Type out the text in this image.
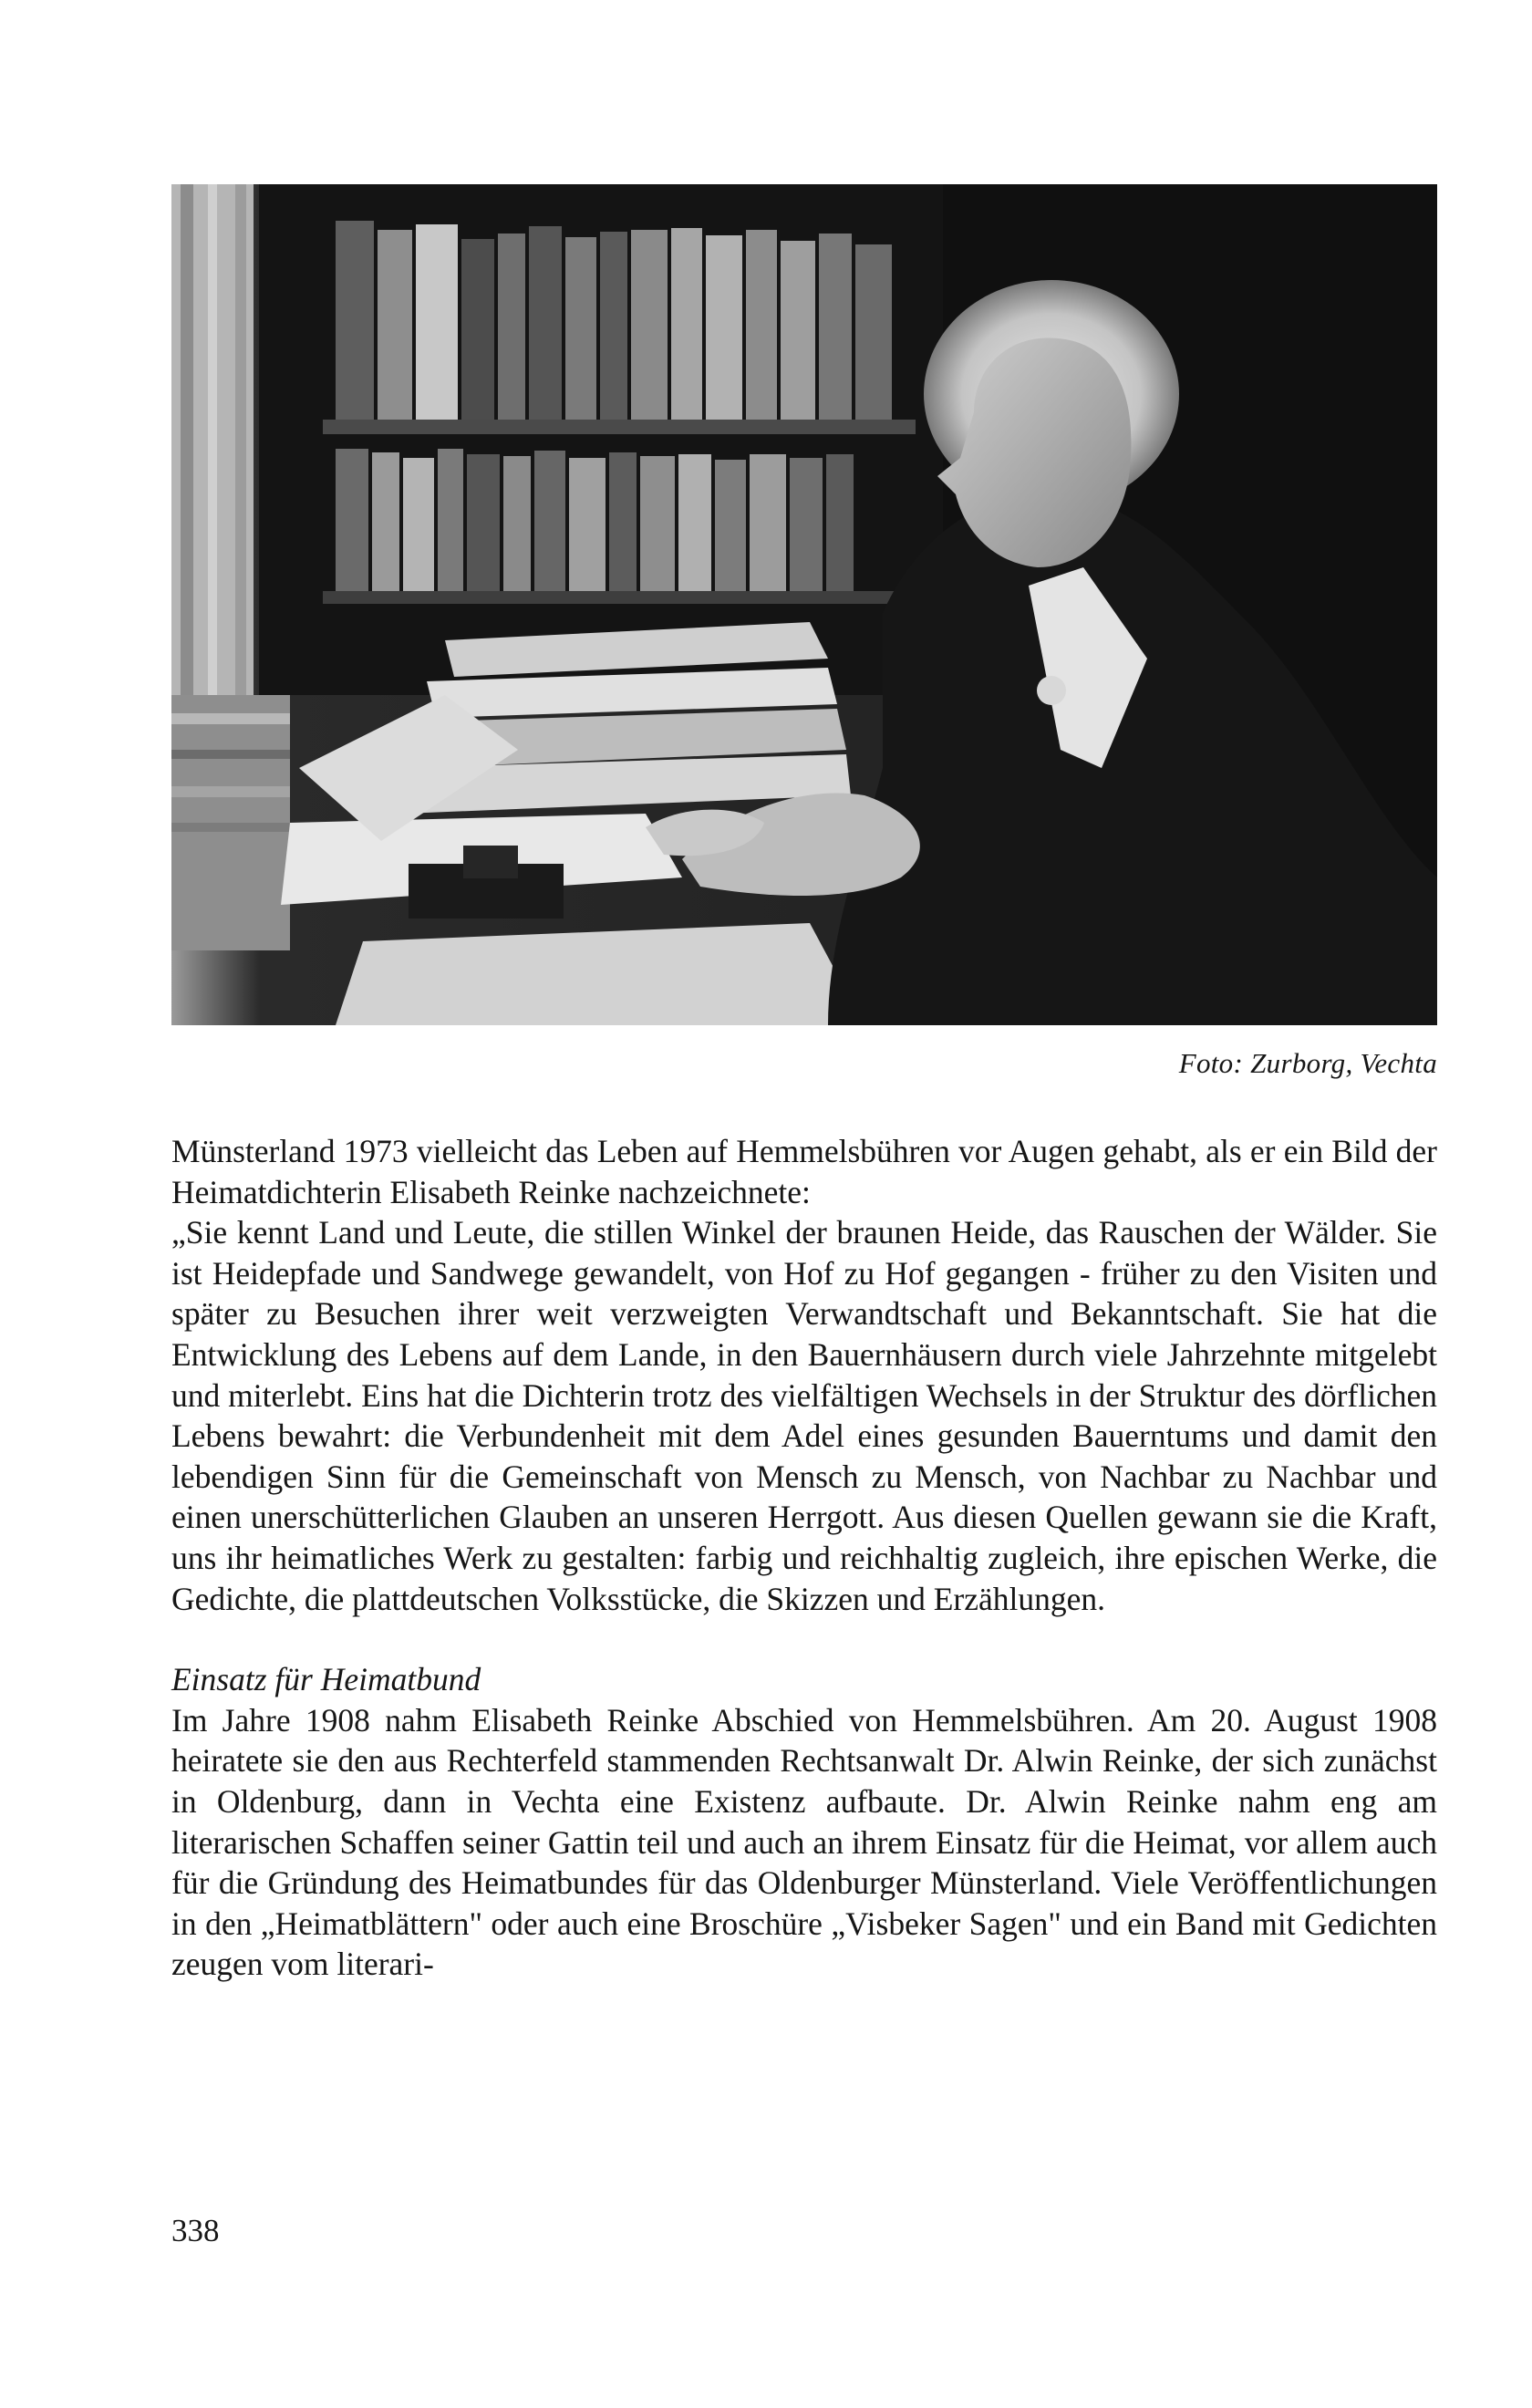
Foto: Zurborg, Vechta

Münsterland 1973 vielleicht das Leben auf Hemmelsbühren vor Augen gehabt, als er ein Bild der Heimatdichterin Elisabeth Reinke nachzeichnete:

„Sie kennt Land und Leute, die stillen Winkel der braunen Heide, das Rauschen der Wälder. Sie ist Heidepfade und Sandwege gewandelt, von Hof zu Hof gegangen - früher zu den Visiten und später zu Besuchen ihrer weit verzweigten Verwandtschaft und Bekanntschaft. Sie hat die Entwicklung des Lebens auf dem Lande, in den Bauernhäusern durch viele Jahrzehnte mitgelebt und miterlebt. Eins hat die Dichterin trotz des vielfältigen Wechsels in der Struktur des dörflichen Lebens bewahrt: die Verbundenheit mit dem Adel eines gesunden Bauerntums und damit den lebendigen Sinn für die Gemeinschaft von Mensch zu Mensch, von Nachbar zu Nachbar und einen unerschütterlichen Glauben an unseren Herrgott. Aus diesen Quellen gewann sie die Kraft, uns ihr heimatliches Werk zu gestalten: farbig und reichhaltig zugleich, ihre epischen Werke, die Gedichte, die plattdeutschen Volksstücke, die Skizzen und Erzählungen.

Einsatz für Heimatbund

Im Jahre 1908 nahm Elisabeth Reinke Abschied von Hemmelsbühren. Am 20. August 1908 heiratete sie den aus Rechterfeld stammenden Rechtsanwalt Dr. Alwin Reinke, der sich zunächst in Oldenburg, dann in Vechta eine Existenz aufbaute. Dr. Alwin Reinke nahm eng am literarischen Schaffen seiner Gattin teil und auch an ihrem Einsatz für die Heimat, vor allem auch für die Gründung des Heimatbundes für das Oldenburger Münsterland. Viele Veröffentlichungen in den „Heimatblättern" oder auch eine Broschüre „Visbeker Sagen" und ein Band mit Gedichten zeugen vom literari-

338
